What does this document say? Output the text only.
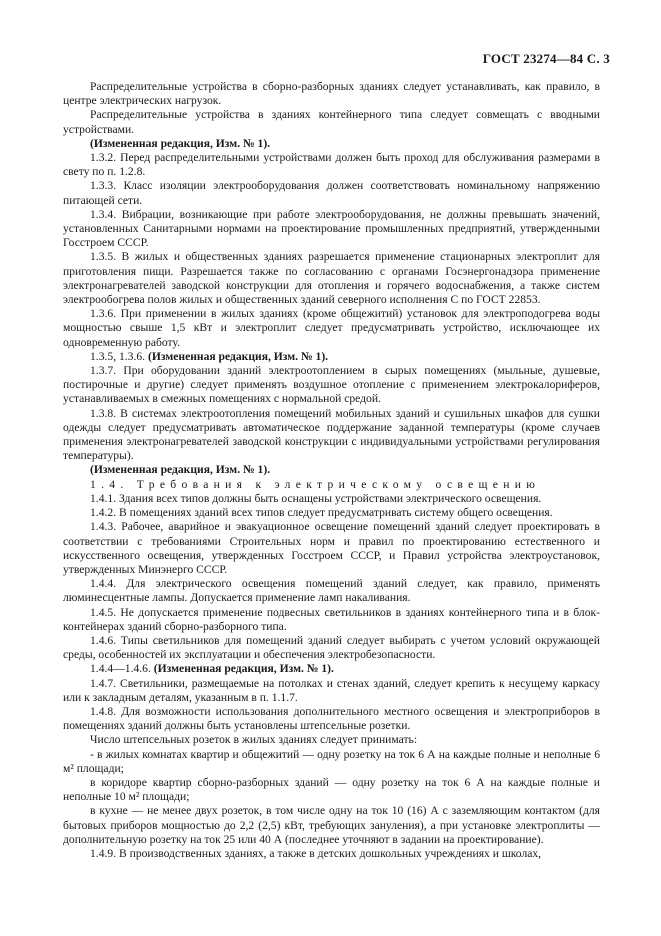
ГОСТ 23274—84 С. 3

Распределительные устройства в сборно-разборных зданиях следует устанавливать, как правило, в центре электрических нагрузок.

Распределительные устройства в зданиях контейнерного типа следует совмещать с вводными устройствами.

(Измененная редакция, Изм. № 1).

1.3.2. Перед распределительными устройствами должен быть проход для обслуживания размерами в свету по п. 1.2.8.

1.3.3. Класс изоляции электрооборудования должен соответствовать номинальному напряжению питающей сети.

1.3.4. Вибрации, возникающие при работе электрооборудования, не должны превышать значений, установленных Санитарными нормами на проектирование промышленных предприятий, утвержденными Госстроем СССР.

1.3.5. В жилых и общественных зданиях разрешается применение стационарных электроплит для приготовления пищи. Разрешается также по согласованию с органами Госэнергонадзора применение электронагревателей заводской конструкции для отопления и горячего водоснабжения, а также систем электрообогрева полов жилых и общественных зданий северного исполнения С по ГОСТ 22853.

1.3.6. При применении в жилых зданиях (кроме общежитий) установок для электроподогрева воды мощностью свыше 1,5 кВт и электроплит следует предусматривать устройство, исключающее их одновременную работу.

1.3.5, 1.3.6. (Измененная редакция, Изм. № 1).

1.3.7. При оборудовании зданий электроотоплением в сырых помещениях (мыльные, душевые, постирочные и другие) следует применять воздушное отопление с применением электрокалориферов, устанавливаемых в смежных помещениях с нормальной средой.

1.3.8. В системах электроотопления помещений мобильных зданий и сушильных шкафов для сушки одежды следует предусматривать автоматическое поддержание заданной температуры (кроме случаев применения электронагревателей заводской конструкции с индивидуальными устройствами регулирования температуры).

(Измененная редакция, Изм. № 1).

1.4. Требования к электрическому освещению

1.4.1. Здания всех типов должны быть оснащены устройствами электрического освещения.

1.4.2. В помещениях зданий всех типов следует предусматривать систему общего освещения.

1.4.3. Рабочее, аварийное и эвакуационное освещение помещений зданий следует проектировать в соответствии с требованиями Строительных норм и правил по проектированию естественного и искусственного освещения, утвержденных Госстроем СССР, и Правил устройства электроустановок, утвержденных Минэнерго СССР.

1.4.4. Для электрического освещения помещений зданий следует, как правило, применять люминесцентные лампы. Допускается применение ламп накаливания.

1.4.5. Не допускается применение подвесных светильников в зданиях контейнерного типа и в блок-контейнерах зданий сборно-разборного типа.

1.4.6. Типы светильников для помещений зданий следует выбирать с учетом условий окружающей среды, особенностей их эксплуатации и обеспечения электробезопасности.

1.4.4—1.4.6. (Измененная редакция, Изм. № 1).

1.4.7. Светильники, размещаемые на потолках и стенах зданий, следует крепить к несущему каркасу или к закладным деталям, указанным в п. 1.1.7.

1.4.8. Для возможности использования дополнительного местного освещения и электроприборов в помещениях зданий должны быть установлены штепсельные розетки.

Число штепсельных розеток в жилых зданиях следует принимать:

- в жилых комнатах квартир и общежитий — одну розетку на ток 6 А на каждые полные и неполные 6 м² площади;

в коридоре квартир сборно-разборных зданий — одну розетку на ток 6 А на каждые полные и неполные 10 м² площади;

в кухне — не менее двух розеток, в том числе одну на ток 10 (16) А с заземляющим контактом (для бытовых приборов мощностью до 2,2 (2,5) кВт, требующих зануления), а при установке электроплиты — дополнительную розетку на ток 25 или 40 А (последнее уточняют в задании на проектирование).

1.4.9. В производственных зданиях, а также в детских дошкольных учреждениях и школах,
